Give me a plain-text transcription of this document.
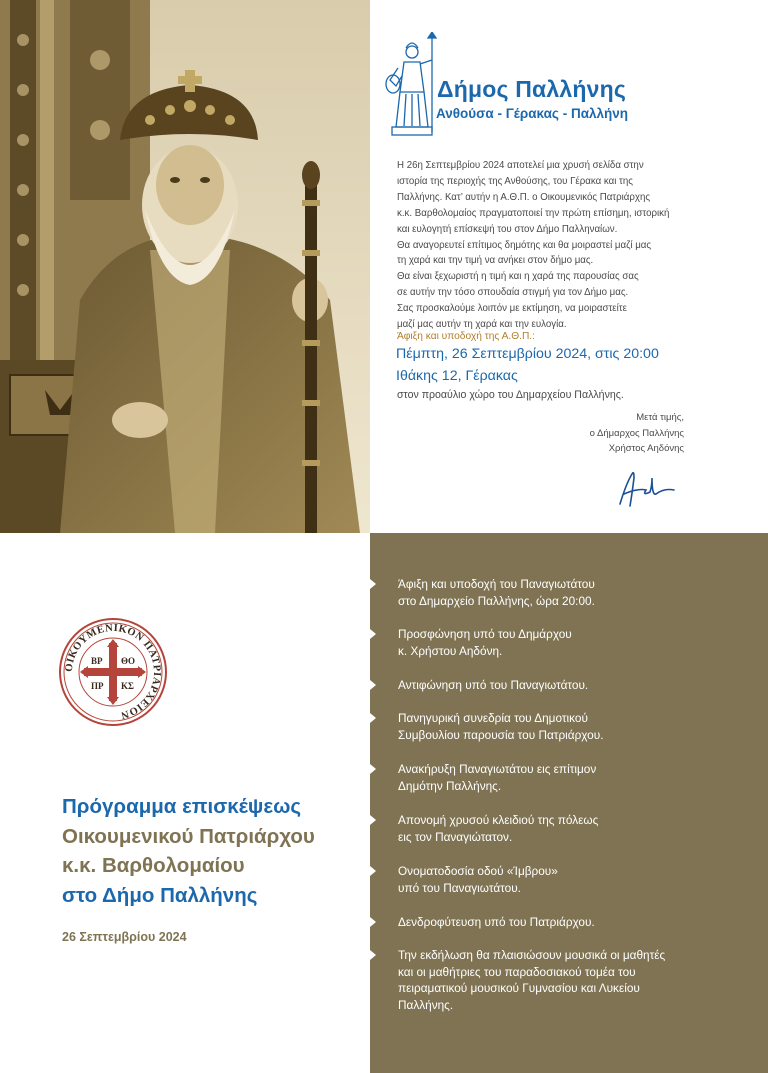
Δήμος Παλλήνης
Ανθούσα - Γέρακας - Παλλήνη

Η 26η Σεπτεμβρίου 2024 αποτελεί μια χρυσή σελίδα στην

ιστορία της περιοχής της Ανθούσης, του Γέρακα και της

Παλλήνης. Κατ’ αυτήν η Α.Θ.Π. ο Οικουμενικός Πατριάρχης

κ.κ. Βαρθολομαίος πραγματοποιεί την πρώτη επίσημη, ιστορική

και ευλογητή επίσκεψή του στον Δήμο Παλληναίων.

Θα αναγορευτεί επίτιμος δημότης και θα μοιραστεί μαζί μας

τη χαρά και την τιμή να ανήκει στον δήμο μας.

Θα είναι ξεχωριστή η τιμή και η χαρά της παρουσίας σας

σε αυτήν την τόσο σπουδαία στιγμή για τον Δήμο μας.

Σας προσκαλούμε λοιπόν με εκτίμηση, να μοιραστείτε

μαζί μας αυτήν τη χαρά και την ευλογία.

Άφιξη και υποδοχή της Α.Θ.Π.:
Πέμπτη, 26 Σεπτεμβρίου 2024, στις 20:00
Ιθάκης 12, Γέρακας
στον προαύλιο χώρο του Δημαρχείου Παλλήνης.
Μετά τιμής,
ο Δήμαρχος Παλλήνης
Χρήστος Αηδόνης
Άφιξη και υποδοχή του Παναγιωτάτου
στο Δημαρχείο Παλλήνης, ώρα 20:00.
Προσφώνηση υπό του Δημάρχου
κ. Χρήστου Αηδόνη.
Αντιφώνηση υπό του Παναγιωτάτου.
Πανηγυρική συνεδρία του Δημοτικού
Συμβουλίου παρουσία του Πατριάρχου.
Ανακήρυξη Παναγιωτάτου εις επίτιμον
Δημότην Παλλήνης.
Απονομή χρυσού κλειδιού της πόλεως
εις τον Παναγιώτατον.
Ονοματοδοσία οδού «Ίμβρου»
υπό του Παναγιωτάτου.
Δενδροφύτευση υπό του Πατριάρχου.
Την εκδήλωση θα πλαισιώσουν μουσικά οι μαθητές
και οι μαθήτριες του παραδοσιακού τομέα του
πειραματικού μουσικού Γυμνασίου και Λυκείου
Παλλήνης.
ΟΙΚΟΥΜΕΝΙΚΟΝ ΠΑΤΡΙΑΡΧΕΙΟΝ
ΒΡ ΘΟ
ΠΡ ΚΣ
Πρόγραμμα επισκέψεως
Οικουμενικού Πατριάρχου
κ.κ. Βαρθολομαίου
στο Δήμο Παλλήνης
26 Σεπτεμβρίου 2024
